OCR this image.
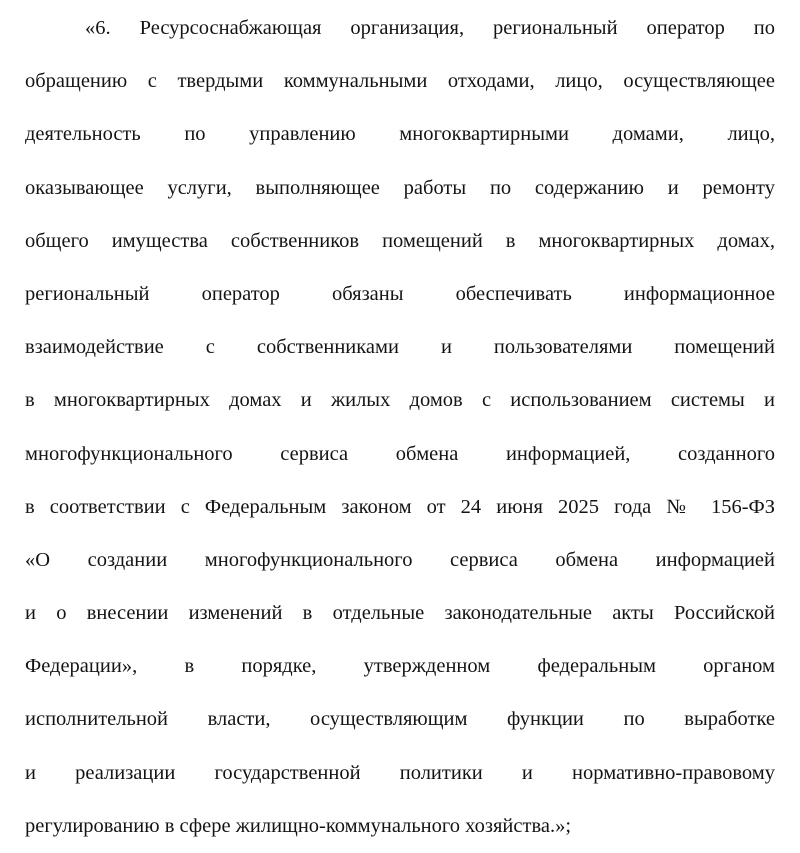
«6. Ресурсоснабжающая организация, региональный оператор по
обращению с твердыми коммунальными отходами, лицо, осуществляющее
деятельность по управлению многоквартирными домами, лицо,
оказывающее услуги, выполняющее работы по содержанию и ремонту
общего имущества собственников помещений в многоквартирных домах,
региональный оператор обязаны обеспечивать информационное
взаимодействие с собственниками и пользователями помещений
в многоквартирных домах и жилых домов с использованием системы и
многофункционального сервиса обмена информацией, созданного
в соответствии с Федеральным законом от 24 июня 2025 года № 156-ФЗ
«О создании многофункционального сервиса обмена информацией
и о внесении изменений в отдельные законодательные акты Российской
Федерации», в порядке, утвержденном федеральным органом
исполнительной власти, осуществляющим функции по выработке
и реализации государственной политики и нормативно-правовому
регулированию в сфере жилищно-коммунального хозяйства.»;
